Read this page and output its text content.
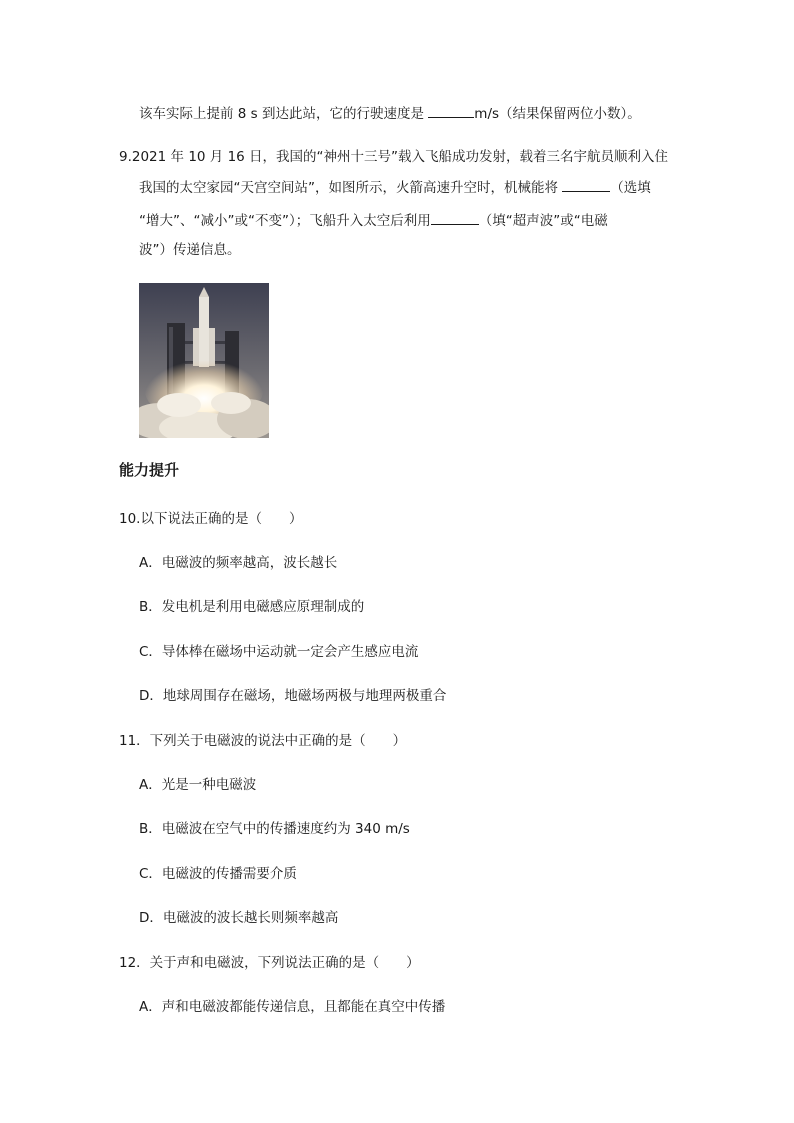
该车实际上提前 8 s 到达此站，它的行驶速度是	m/s（结果保留两位小数）。
9.2021 年 10 月 16 日，我国的“神州十三号”载入飞船成功发射，载着三名宇航员顺利入住
我国的太空家园“天宫空间站”，如图所示，火箭高速升空时，机械能将	（选填
“增大”、“减小”或“不变”）；飞船升入太空后利用	（填“超声波”或“电磁
波”）传递信息。
能力提升
10.以下说法正确的是（　　）
A．电磁波的频率越高，波长越长
B．发电机是利用电磁感应原理制成的
C．导体棒在磁场中运动就一定会产生感应电流
D．地球周围存在磁场，地磁场两极与地理两极重合
11．下列关于电磁波的说法中正确的是（　　）
A．光是一种电磁波
B．电磁波在空气中的传播速度约为 340 m/s
C．电磁波的传播需要介质
D．电磁波的波长越长则频率越高
12．关于声和电磁波，下列说法正确的是（　　）
A．声和电磁波都能传递信息，且都能在真空中传播
